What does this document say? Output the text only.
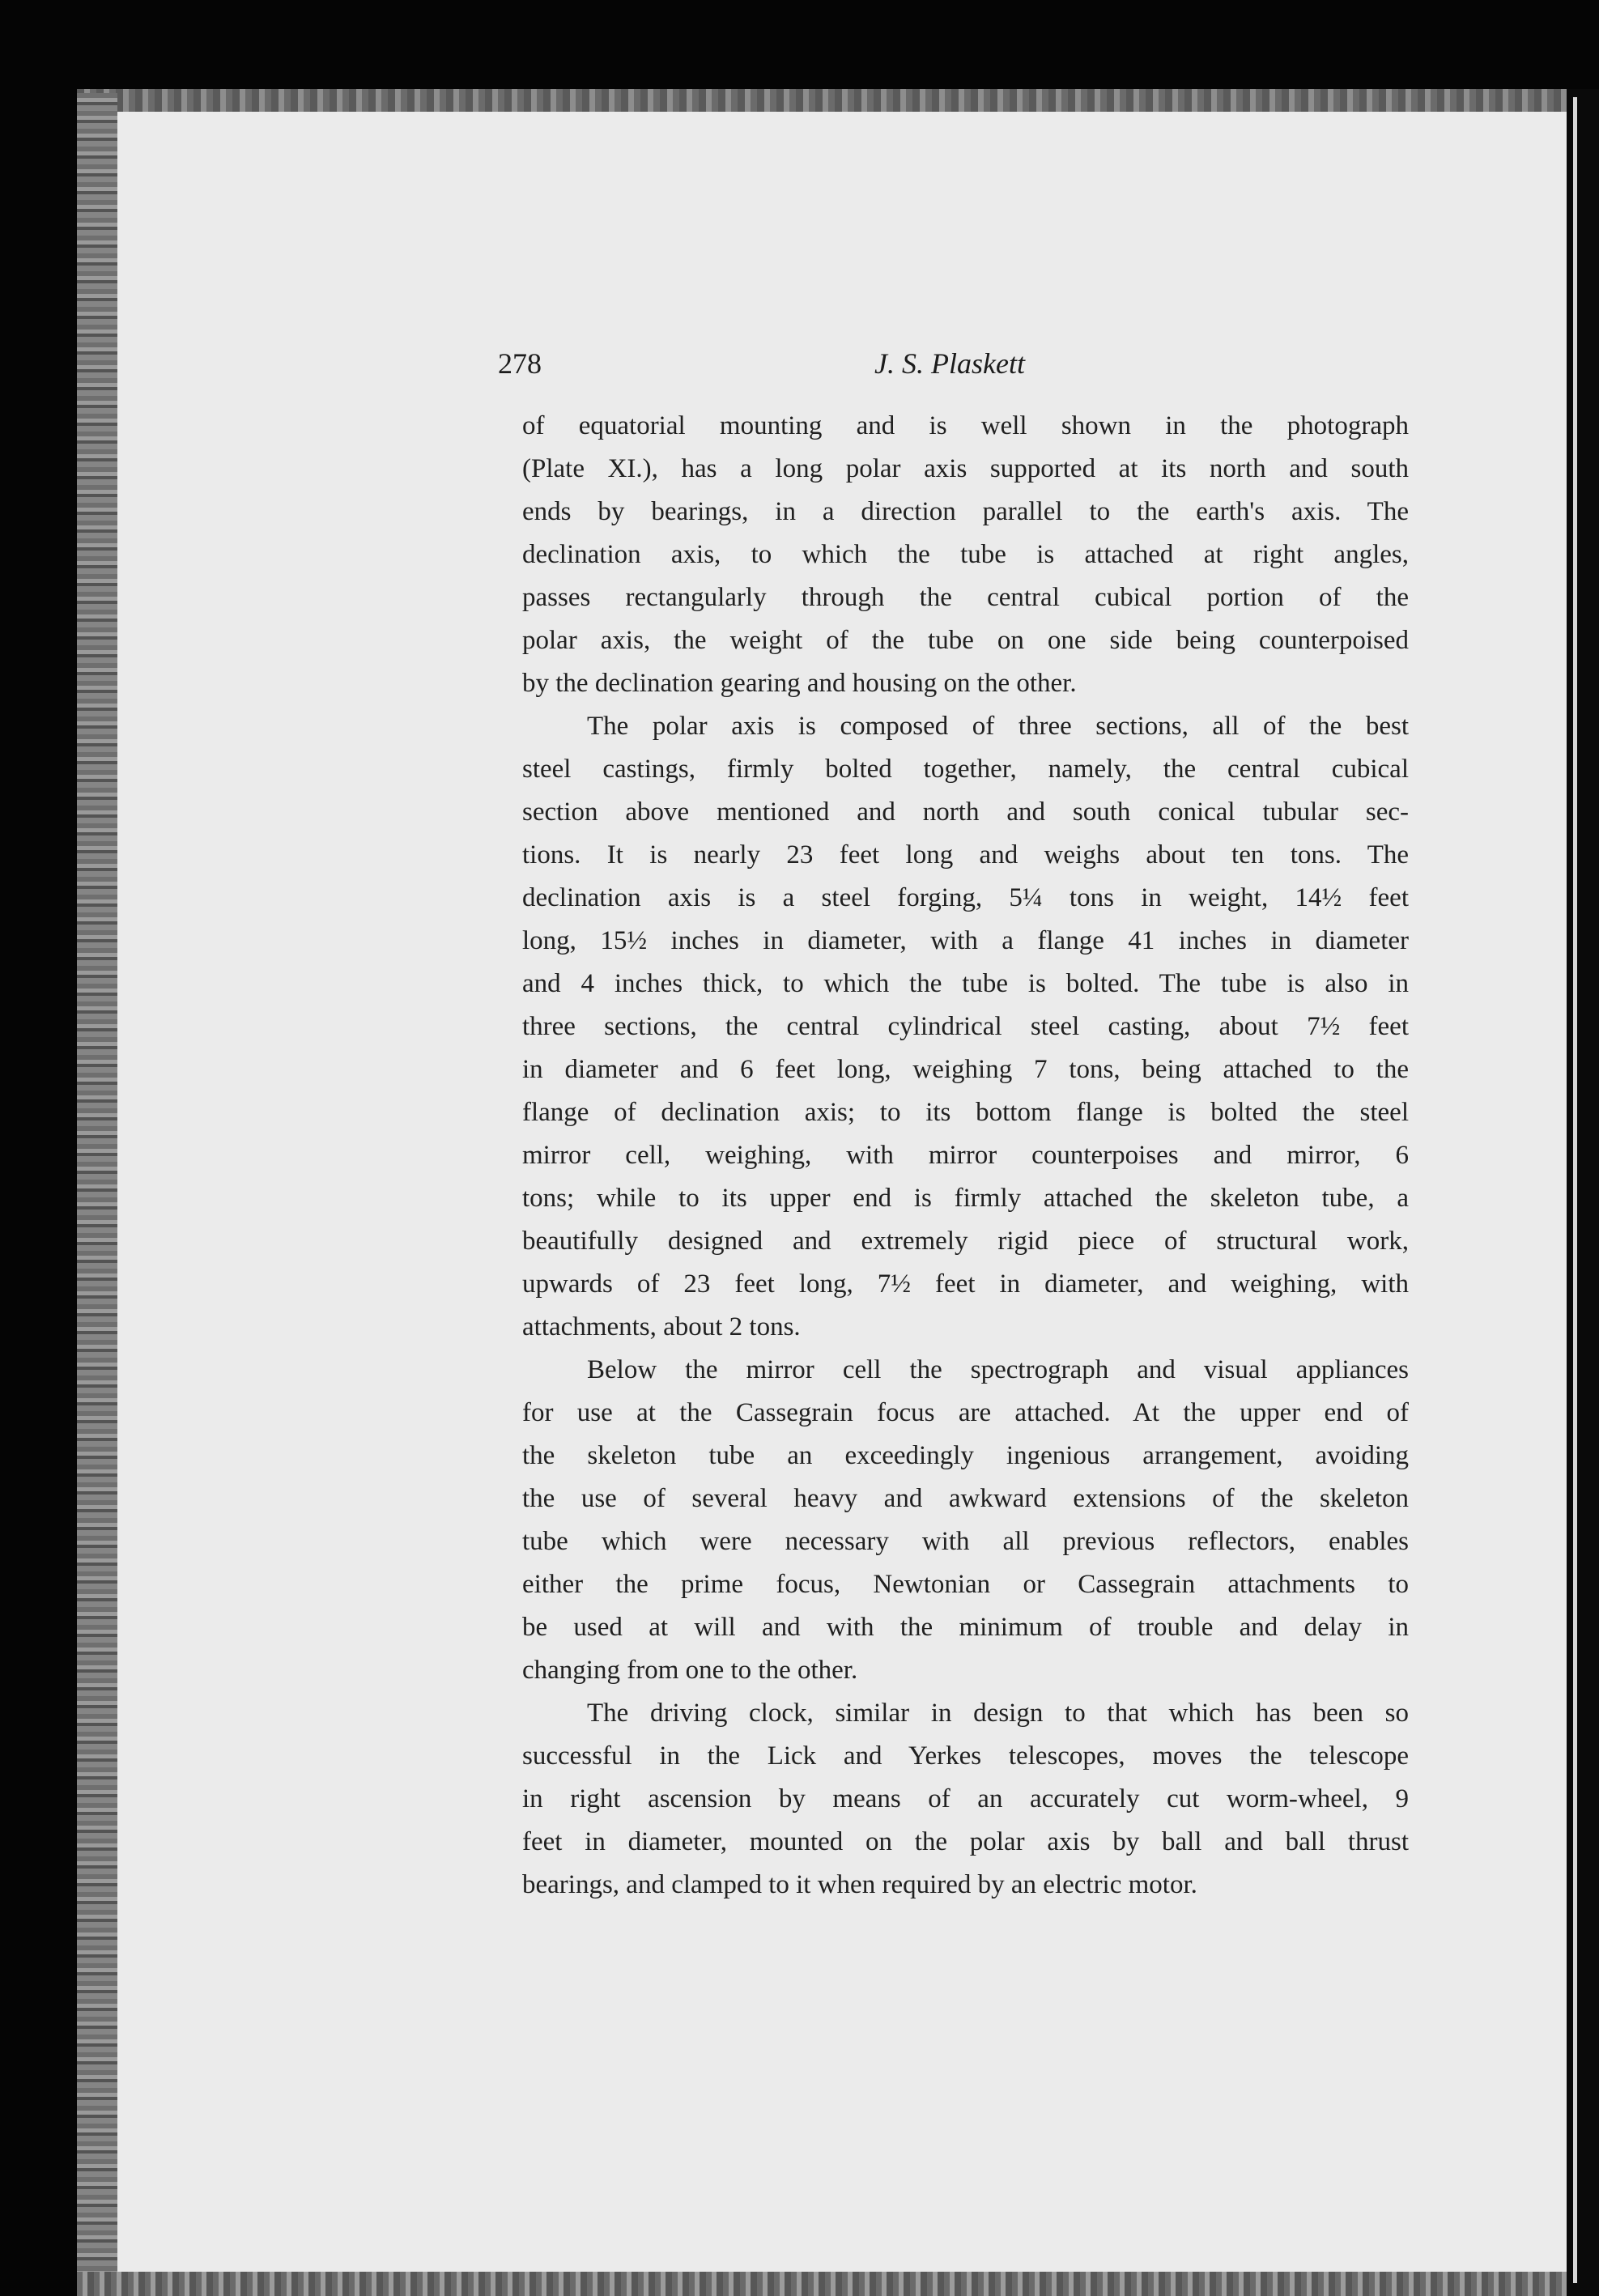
278	J. S. Plaskett
of equatorial mounting and is well shown in the photograph
(Plate XI.), has a long polar axis supported at its north and south
ends by bearings, in a direction parallel to the earth's axis. The
declination axis, to which the tube is attached at right angles,
passes rectangularly through the central cubical portion of the
polar axis, the weight of the tube on one side being counterpoised
by the declination gearing and housing on the other.
The polar axis is composed of three sections, all of the best
steel castings, firmly bolted together, namely, the central cubical
section above mentioned and north and south conical tubular sec-
tions. It is nearly 23 feet long and weighs about ten tons. The
declination axis is a steel forging, 5¼ tons in weight, 14½ feet
long, 15½ inches in diameter, with a flange 41 inches in diameter
and 4 inches thick, to which the tube is bolted. The tube is also in
three sections, the central cylindrical steel casting, about 7½ feet
in diameter and 6 feet long, weighing 7 tons, being attached to the
flange of declination axis; to its bottom flange is bolted the steel
mirror cell, weighing, with mirror counterpoises and mirror, 6
tons; while to its upper end is firmly attached the skeleton tube, a
beautifully designed and extremely rigid piece of structural work,
upwards of 23 feet long, 7½ feet in diameter, and weighing, with
attachments, about 2 tons.
Below the mirror cell the spectrograph and visual appliances
for use at the Cassegrain focus are attached. At the upper end of
the skeleton tube an exceedingly ingenious arrangement, avoiding
the use of several heavy and awkward extensions of the skeleton
tube which were necessary with all previous reflectors, enables
either the prime focus, Newtonian or Cassegrain attachments to
be used at will and with the minimum of trouble and delay in
changing from one to the other.
The driving clock, similar in design to that which has been so
successful in the Lick and Yerkes telescopes, moves the telescope
in right ascension by means of an accurately cut worm-wheel, 9
feet in diameter, mounted on the polar axis by ball and ball thrust
bearings, and clamped to it when required by an electric motor.
